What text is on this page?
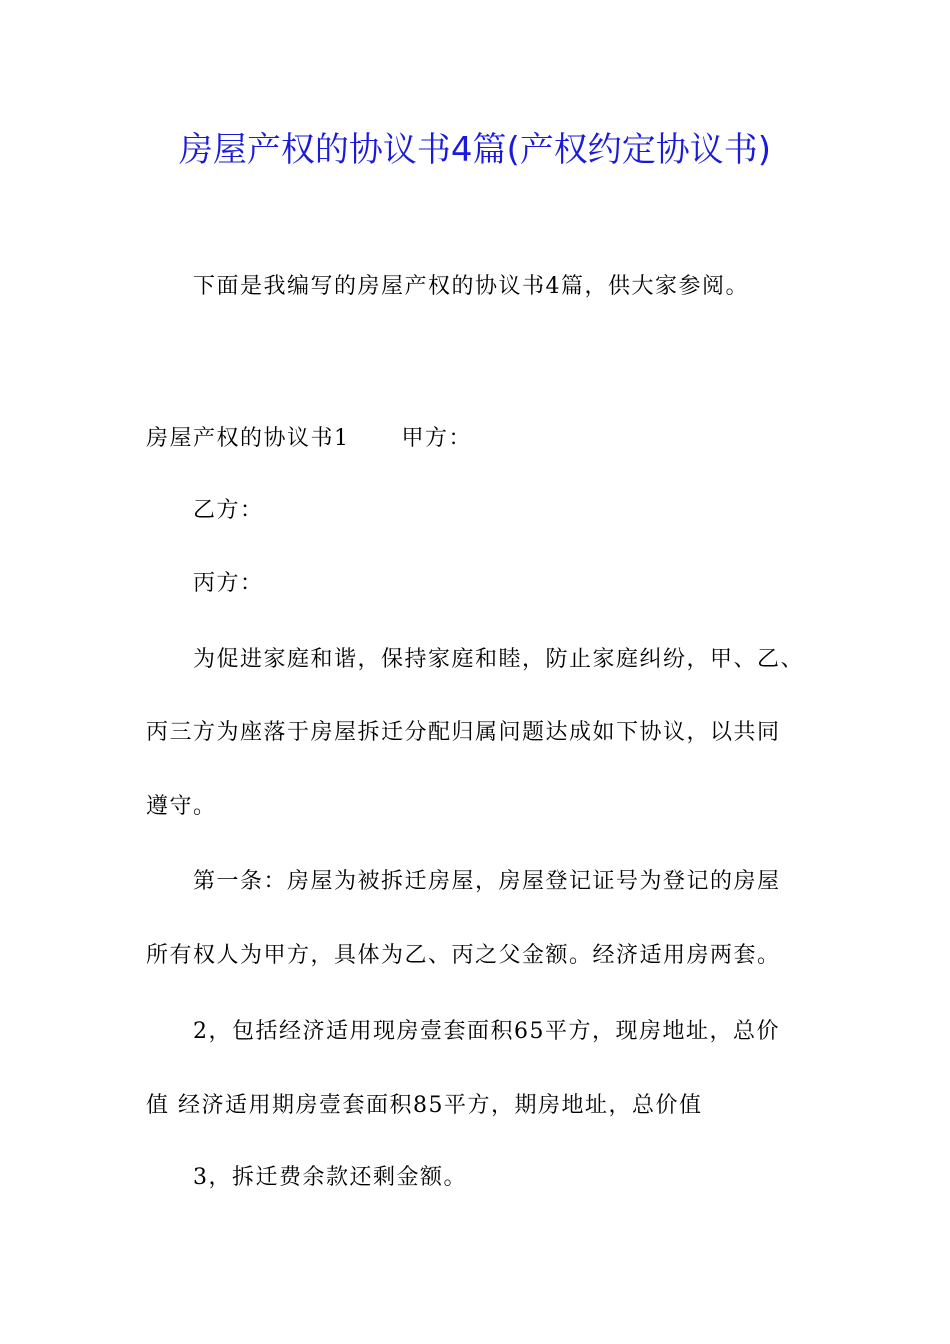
房屋产权的协议书4篇(产权约定协议书)
下面是我编写的房屋产权的协议书4篇，供大家参阅。
房屋产权的协议书1 甲方：
乙方：
丙方：
为促进家庭和谐，保持家庭和睦，防止家庭纠纷，甲、乙、
丙三方为座落于房屋拆迁分配归属问题达成如下协议，以共同
遵守。
第一条：房屋为被拆迁房屋，房屋登记证号为登记的房屋
所有权人为甲方，具体为乙、丙之父金额。经济适用房两套。
2，包括经济适用现房壹套面积65平方，现房地址，总价
值 经济适用期房壹套面积85平方，期房地址，总价值
3，拆迁费余款还剩金额。
